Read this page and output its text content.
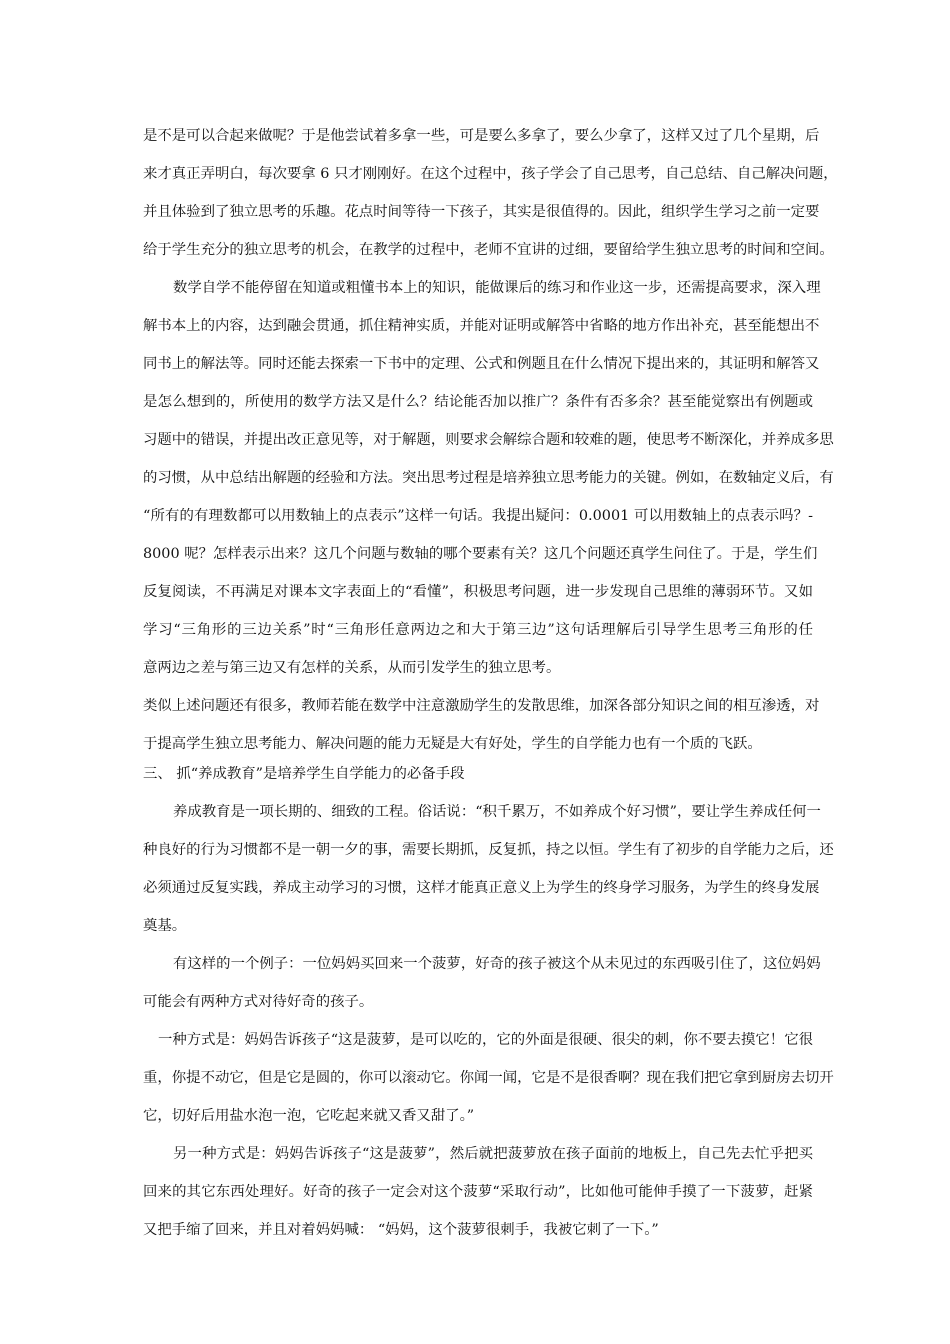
是不是可以合起来做呢？于是他尝试着多拿一些，可是要么多拿了，要么少拿了，这样又过了几个星期，后
来才真正弄明白，每次要拿 6 只才刚刚好。在这个过程中，孩子学会了自己思考，自己总结、自己解决问题，
并且体验到了独立思考的乐趣。花点时间等待一下孩子，其实是很值得的。因此，组织学生学习之前一定要
给于学生充分的独立思考的机会，在教学的过程中，老师不宜讲的过细，要留给学生独立思考的时间和空间。
数学自学不能停留在知道或粗懂书本上的知识，能做课后的练习和作业这一步，还需提高要求，深入理
解书本上的内容，达到融会贯通，抓住精神实质，并能对证明或解答中省略的地方作出补充，甚至能想出不
同书上的解法等。同时还能去探索一下书中的定理、公式和例题且在什么情况下提出来的，其证明和解答又
是怎么想到的，所使用的数学方法又是什么？结论能否加以推广？条件有否多余？甚至能觉察出有例题或
习题中的错误，并提出改正意见等，对于解题，则要求会解综合题和较难的题，使思考不断深化，并养成多思
的习惯，从中总结出解题的经验和方法。突出思考过程是培养独立思考能力的关键。例如，在数轴定义后，有
“所有的有理数都可以用数轴上的点表示”这样一句话。我提出疑问：0.0001 可以用数轴上的点表示吗？-
8000 呢？怎样表示出来？这几个问题与数轴的哪个要素有关？这几个问题还真学生问住了。于是，学生们
反复阅读，不再满足对课本文字表面上的“看懂”，积极思考问题，进一步发现自己思维的薄弱环节。又如
学习“三角形的三边关系”时“三角形任意两边之和大于第三边”这句话理解后引导学生思考三角形的任
意两边之差与第三边又有怎样的关系，从而引发学生的独立思考。
类似上述问题还有很多，教师若能在数学中注意激励学生的发散思维，加深各部分知识之间的相互渗透，对
于提高学生独立思考能力、解决问题的能力无疑是大有好处，学生的自学能力也有一个质的飞跃。
三、 抓“养成教育”是培养学生自学能力的必备手段
养成教育是一项长期的、细致的工程。俗话说：“积千累万，不如养成个好习惯”，要让学生养成任何一
种良好的行为习惯都不是一朝一夕的事，需要长期抓，反复抓，持之以恒。学生有了初步的自学能力之后，还
必须通过反复实践，养成主动学习的习惯，这样才能真正意义上为学生的终身学习服务，为学生的终身发展
奠基。
有这样的一个例子：一位妈妈买回来一个菠萝，好奇的孩子被这个从未见过的东西吸引住了，这位妈妈
可能会有两种方式对待好奇的孩子。
一种方式是：妈妈告诉孩子“这是菠萝，是可以吃的，它的外面是很硬、很尖的刺，你不要去摸它！它很
重，你提不动它，但是它是圆的，你可以滚动它。你闻一闻，它是不是很香啊？现在我们把它拿到厨房去切开
它，切好后用盐水泡一泡，它吃起来就又香又甜了。”
另一种方式是：妈妈告诉孩子“这是菠萝”，然后就把菠萝放在孩子面前的地板上，自己先去忙乎把买
回来的其它东西处理好。好奇的孩子一定会对这个菠萝“采取行动”，比如他可能伸手摸了一下菠萝，赶紧
又把手缩了回来，并且对着妈妈喊： “妈妈，这个菠萝很刺手，我被它刺了一下。”
